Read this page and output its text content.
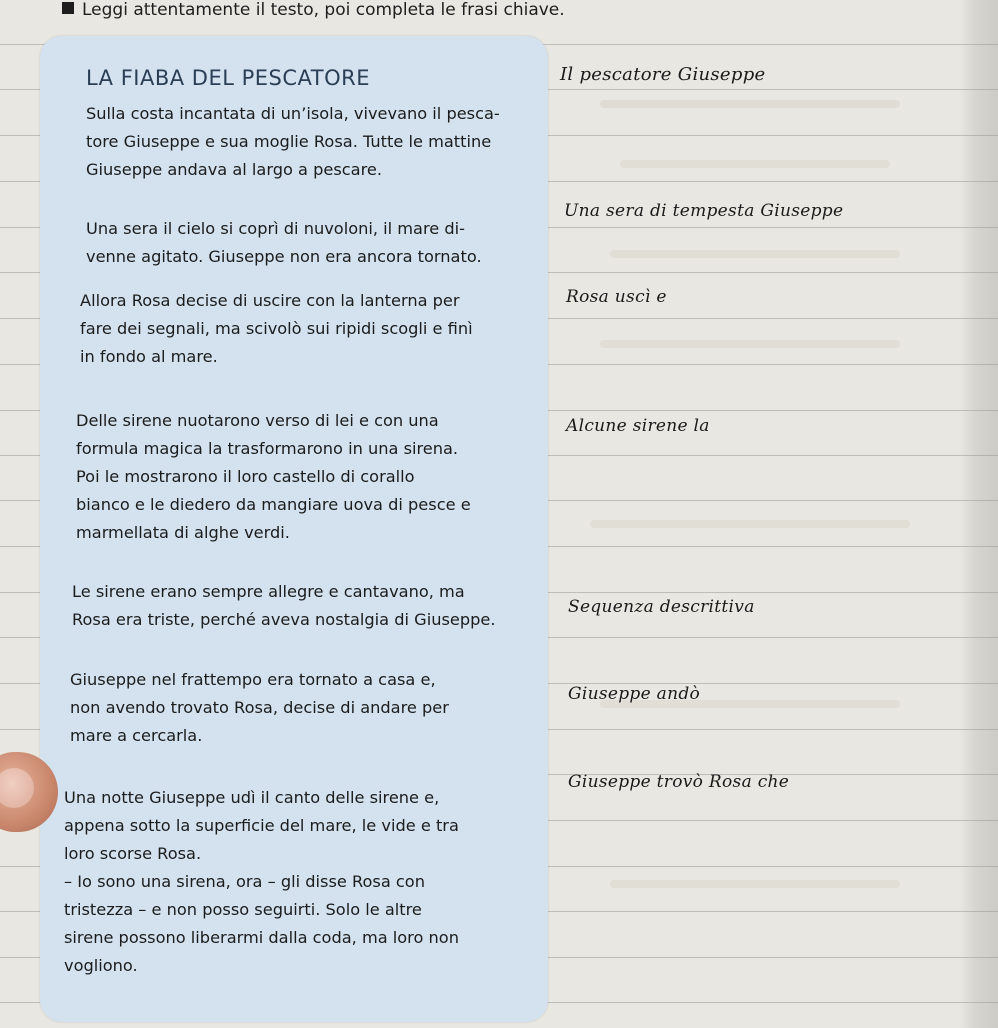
Leggi attentamente il testo, poi completa le frasi chiave.
LA FIABA DEL PESCATORE
Sulla costa incantata di un’isola, vivevano il pesca-
tore Giuseppe e sua moglie Rosa. Tutte le mattine
Giuseppe andava al largo a pescare.
Una sera il cielo si coprì di nuvoloni, il mare di-
venne agitato. Giuseppe non era ancora tornato.
Allora Rosa decise di uscire con la lanterna per
fare dei segnali, ma scivolò sui ripidi scogli e finì
in fondo al mare.
Delle sirene nuotarono verso di lei e con una
formula magica la trasformarono in una sirena.
Poi le mostrarono il loro castello di corallo
bianco e le diedero da mangiare uova di pesce e
marmellata di alghe verdi.
Le sirene erano sempre allegre e cantavano, ma
Rosa era triste, perché aveva nostalgia di Giuseppe.
Giuseppe nel frattempo era tornato a casa e,
non avendo trovato Rosa, decise di andare per
mare a cercarla.
Una notte Giuseppe udì il canto delle sirene e,
appena sotto la superficie del mare, le vide e tra
loro scorse Rosa.
– Io sono una sirena, ora – gli disse Rosa con
tristezza – e non posso seguirti. Solo le altre
sirene possono liberarmi dalla coda, ma loro non
vogliono.
Il pescatore Giuseppe
Una sera di tempesta Giuseppe
Rosa uscì e
Alcune sirene la
Sequenza descrittiva
Giuseppe andò
Giuseppe trovò Rosa che
